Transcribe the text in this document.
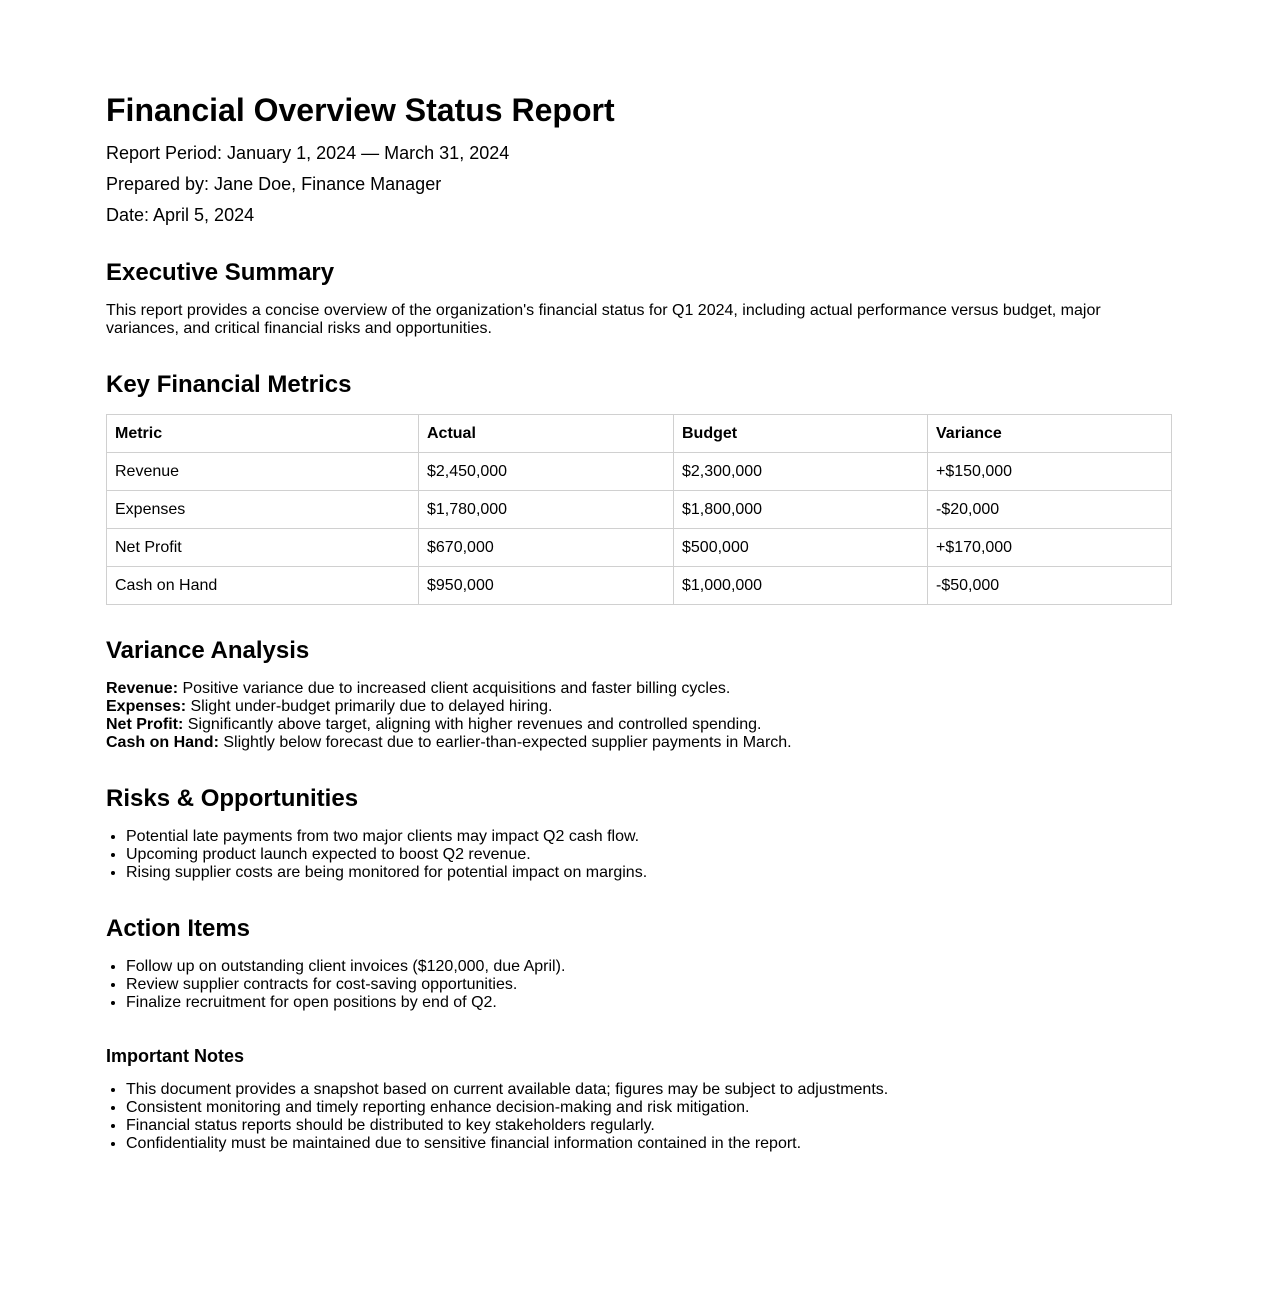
Financial Overview Status Report
Report Period: January 1, 2024 — March 31, 2024
Prepared by: Jane Doe, Finance Manager
Date: April 5, 2024
Executive Summary

This report provides a concise overview of the organization's financial status for Q1 2024, including actual performance versus budget, major variances, and critical financial risks and opportunities.

Key Financial Metrics
Metric	Actual	Budget	Variance
Revenue	$2,450,000	$2,300,000	+$150,000
Expenses	$1,780,000	$1,800,000	-$20,000
Net Profit	$670,000	$500,000	+$170,000
Cash on Hand	$950,000	$1,000,000	-$50,000
Variance Analysis
Revenue: Positive variance due to increased client acquisitions and faster billing cycles.
Expenses: Slight under-budget primarily due to delayed hiring.
Net Profit: Significantly above target, aligning with higher revenues and controlled spending.
Cash on Hand: Slightly below forecast due to earlier-than-expected supplier payments in March.
Risks & Opportunities
• Potential late payments from two major clients may impact Q2 cash flow.
• Upcoming product launch expected to boost Q2 revenue.
• Rising supplier costs are being monitored for potential impact on margins.
Action Items
• Follow up on outstanding client invoices ($120,000, due April).
• Review supplier contracts for cost-saving opportunities.
• Finalize recruitment for open positions by end of Q2.
Important Notes
• This document provides a snapshot based on current available data; figures may be subject to adjustments.
• Consistent monitoring and timely reporting enhance decision-making and risk mitigation.
• Financial status reports should be distributed to key stakeholders regularly.
• Confidentiality must be maintained due to sensitive financial information contained in the report.
